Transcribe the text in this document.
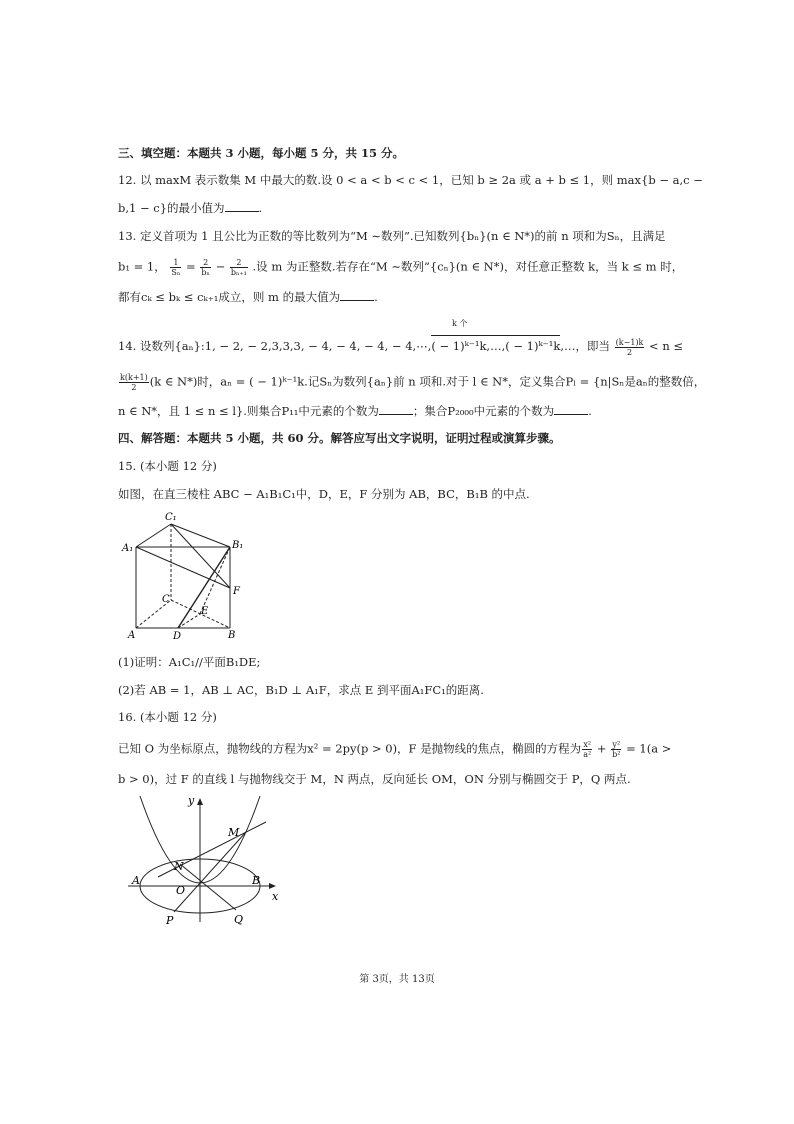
三、填空题：本题共 3 小题，每小题 5 分，共 15 分。
12. 以 maxM 表示数集 M 中最大的数.设 0 < a < b < c < 1，已知 b ≥ 2a 或 a + b ≤ 1，则 max{b − a,c −
b,1 − c}的最小值为	.
13. 定义首项为 1 且公比为正数的等比数列为“M ∼数列”.已知数列{bₙ}(n ∈ N*)的前 n 项和为Sₙ，且满足
b₁ = 1， $\frac{1}{\text{Sₙ}} = \frac{2}{\text{bₙ}} - \frac{2}{\text{bₙ₊₁}}$ .设 m 为正整数.若存在“M ∼数列”{cₙ}(n ∈ N*)，对任意正整数 k，当 k ≤ m 时，
都有cₖ ≤ bₖ ≤ cₖ₊₁成立，则 m 的最大值为	.
k 个
14. 设数列{aₙ}:1, − 2, − 2,3,3,3, − 4, − 4, − 4, − 4,⋯,( − 1)ᵏ⁻¹k,…,( − 1)ᵏ⁻¹k,…，即当 $\frac{(k-1)k}{2} < n$ ≤
$\frac{k(k+1)}{2} (k$ ∈ N*)时，aₙ = ( − 1)ᵏ⁻¹k.记Sₙ为数列{aₙ}前 n 项和.对于 l ∈ N*，定义集合Pₗ = {n|Sₙ是aₙ的整数倍，
n ∈ N*，且 1 ≤ n ≤ l}.则集合P₁₁中元素的个数为	；集合P₂₀₀₀中元素的个数为	.
四、解答题：本题共 5 小题，共 60 分。解答应写出文字说明，证明过程或演算步骤。
15. (本小题 12 分)
如图，在直三棱柱 ABC − A₁B₁C₁中，D，E，F 分别为 AB，BC，B₁B 的中点.
C₁
A₁	B₁
F
C
E
A	D	B
(1)证明：A₁C₁//平面B₁DE;
(2)若 AB = 1，AB ⊥ AC，B₁D ⊥ A₁F，求点 E 到平面A₁FC₁的距离.
16. (本小题 12 分)
已知 O 为坐标原点，抛物线的方程为x² = 2py(p > 0)，F 是抛物线的焦点，椭圆的方程为 $\frac{\text{x²}}{\text{a²}} + \frac{\text{y²}}{\text{b²}} = 1(a$ >
b > 0)，过 F 的直线 l 与抛物线交于 M，N 两点，反向延长 OM，ON 分别与椭圆交于 P，Q 两点.
y
x
M
N
A
O
B
P	Q
第 3页，共 13页
